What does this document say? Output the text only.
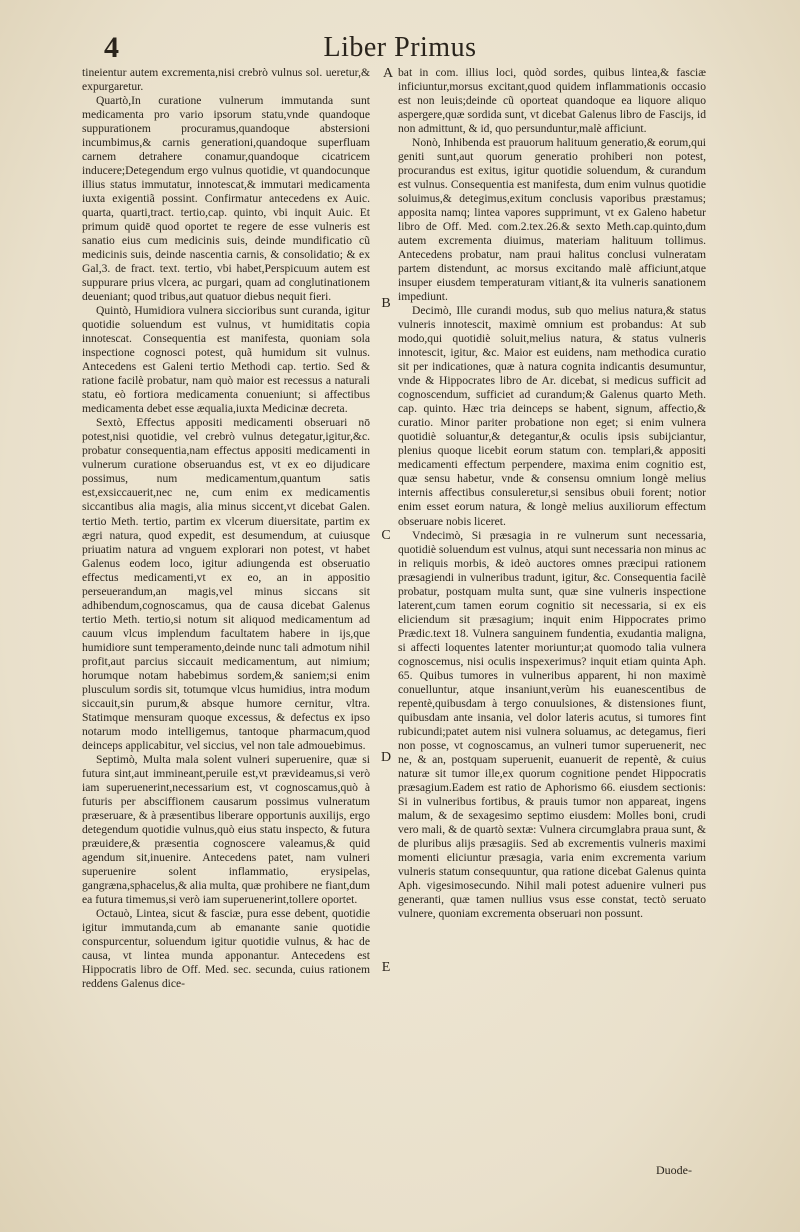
4	Liber Primus

tineientur autem excrementa,nisi crebrò vulnus sol. ueretur,& expurgaretur.

Quartò,In curatione vulnerum immutanda sunt medicamenta pro vario ipsorum statu,vnde quandoque suppurationem procuramus,quandoque abstersioni incumbimus,& carnis generationi,quandoque superfluam carnem detrahere conamur,quandoque cicatricem inducere;Detegendum ergo vulnus quotidie, vt quandocunque illius status immutatur, innotescat,& immutari medicamenta iuxta exigentiã possint. Confirmatur antecedens ex Auic. quarta, quarti,tract. tertio,cap. quinto, vbi inquit Auic. Et primum quidē quod oportet te regere de esse vulneris est sanatio eius cum medicinis suis, deinde mundificatio cũ medicinis suis, deinde nascentia carnis, & consolidatio; & ex Gal,3. de fract. text. tertio, vbi habet,Perspicuum autem est suppurare prius vlcera, ac purgari, quam ad conglutinationem deueniant; quod tribus,aut quatuor diebus nequit fieri.

Quintò, Humidiora vulnera siccioribus sunt curanda, igitur quotidie soluendum est vulnus, vt humiditatis copia innotescat. Consequentia est manifesta, quoniam sola inspectione cognosci potest, quã humidum sit vulnus. Antecedens est Galeni tertio Methodi cap. tertio. Sed & ratione facilè probatur, nam quò maior est recessus a naturali statu, eò fortiora medicamenta conueniunt; si affectibus medicamenta debet esse æqualia,iuxta Medicinæ decreta.

Sextò, Effectus appositi medicamenti obseruari nō potest,nisi quotidie, vel crebrò vulnus detegatur,igitur,&c. probatur consequentia,nam effectus appositi medicamenti in vulnerum curatione obseruandus est, vt ex eo dijudicare possimus, num medicamentum,quantum satis est,exsiccauerit,nec ne, cum enim ex medicamentis siccantibus alia magis, alia minus siccent,vt dicebat Galen. tertio Meth. tertio, partim ex vlcerum diuersitate, partim ex ægri natura, quod expedit, est desumendum, at cuiusque priuatim natura ad vnguem explorari non potest, vt habet Galenus eodem loco, igitur adiungenda est obseruatio effectus medicamenti,vt ex eo, an in appositio perseuerandum,an magis,vel minus siccans sit adhibendum,cognoscamus, qua de causa dicebat Galenus tertio Meth. tertio,si notum sit aliquod medicamentum ad cauum vlcus implendum facultatem habere in ijs,que humidiore sunt temperamento,deinde nunc tali admotum nihil profit,aut parcius siccauit medicamentum, aut nimium; horumque notam habebimus sordem,& saniem;si enim plusculum sordis sit, totumque vlcus humidius, intra modum siccauit,sin purum,& absque humore cernitur, vltra. Statimque mensuram quoque excessus, & defectus ex ipso notarum modo intelligemus, tantoque pharmacum,quod deinceps applicabitur, vel siccius, vel non tale admouebimus.

Septimò, Multa mala solent vulneri superuenire, quæ si futura sint,aut immineant,peruile est,vt prævideamus,si verò iam superuenerint,necessarium est, vt cognoscamus,quò à futuris per absciffionem causarum possimus vulneratum præseruare, & à præsentibus liberare opportunis auxilijs, ergo detegendum quotidie vulnus,quò eius statu inspecto, & futura præuidere,& præsentia cognoscere valeamus,& quid agendum sit,inuenire. Antecedens patet, nam vulneri superuenire solent inflammatio, erysipelas, gangræna,sphacelus,& alia multa, quæ prohibere ne fiant,dum ea futura timemus,si verò iam superuenerint,tollere oportet.

Octauò, Lintea, sicut & fasciæ, pura esse debent, quotidie igitur immutanda,cum ab emanante sanie quotidie conspurcentur, soluendum igitur quotidie vulnus, & hac de causa, vt lintea munda apponantur. Antecedens est Hippocratis libro de Off. Med. sec. secunda, cuius rationem reddens Galenus dice-

A
B
C
D
E

bat in com. illius loci, quòd sordes, quibus lintea,& fasciæ inficiuntur,morsus excitant,quod quidem inflammationis occasio est non leuis;deinde cũ oporteat quandoque ea liquore aliquo aspergere,quæ sordida sunt, vt dicebat Galenus libro de Fascijs, id non admittunt, & id, quo persunduntur,malè afficiunt.

Nonò, Inhibenda est prauorum halituum generatio,& eorum,qui geniti sunt,aut quorum generatio prohiberi non potest, procurandus est exitus, igitur quotidie soluendum, & curandum est vulnus. Consequentia est manifesta, dum enim vulnus quotidie soluimus,& detegimus,exitum conclusis vaporibus præstamus; apposita namq; lintea vapores supprimunt, vt ex Galeno habetur libro de Off. Med. com.2.tex.26.& sexto Meth.cap.quinto,dum autem excrementa diuimus, materiam halituum tollimus. Antecedens probatur, nam praui halitus conclusi vulneratam partem distendunt, ac morsus excitando malè afficiunt,atque insuper eiusdem temperaturam vitiant,& ita vulneris sanationem impediunt.

Decimò, Ille curandi modus, sub quo melius natura,& status vulneris innotescit, maximè omnium est probandus: At sub modo,qui quotidiè soluit,melius natura, & status vulneris innotescit, igitur, &c. Maior est euidens, nam methodica curatio sit per indicationes, quæ à natura cognita indicantis desumuntur, vnde & Hippocrates libro de Ar. dicebat, si medicus sufficit ad cognoscendum, sufficiet ad curandum;& Galenus quarto Meth. cap. quinto. Hæc tria deinceps se habent, signum, affectio,& curatio. Minor pariter probatione non eget; si enim vulnera quotidiè soluantur,& detegantur,& oculis ipsis subijciantur, plenius quoque licebit eorum statum con. templari,& appositi medicamenti effectum perpendere, maxima enim cognitio est, quæ sensu habetur, vnde & consensu omnium longè melius internis affectibus consuleretur,si sensibus obuii forent; notior enim esset eorum natura, & longè melius auxiliorum effectum obseruare nobis liceret.

Vndecimò, Si præsagia in re vulnerum sunt necessaria, quotidiè soluendum est vulnus, atqui sunt necessaria non minus ac in reliquis morbis, & ideò auctores omnes præcipui rationem præsagiendi in vulneribus tradunt, igitur, &c. Consequentia facilè probatur, postquam multa sunt, quæ sine vulneris inspectione laterent,cum tamen eorum cognitio sit necessaria, si ex eis eliciendum sit præsagium; inquit enim Hippocrates primo Prædic.text 18. Vulnera sanguinem fundentia, exudantia maligna, si affecti loquentes latenter moriuntur;at quomodo talia vulnera cognoscemus, nisi oculis inspexerimus? inquit etiam quinta Aph. 65. Quibus tumores in vulneribus apparent, hi non maximè conuelluntur, atque insaniunt,verùm his euanescentibus de repentè,quibusdam à tergo conuulsiones, & distensiones fiunt, quibusdam ante insania, vel dolor lateris acutus, si tumores fint rubicundi;patet autem nisi vulnera soluamus, ac detegamus, fieri non posse, vt cognoscamus, an vulneri tumor superuenerit, nec ne, & an, postquam superuenit, euanuerit de repentè, & cuius naturæ sit tumor ille,ex quorum cognitione pendet Hippocratis præsagium.Eadem est ratio de Aphorismo 66. eiusdem sectionis: Si in vulneribus fortibus, & prauis tumor non appareat, ingens malum, & de sexagesimo septimo eiusdem: Molles boni, crudi vero mali, & de quartò sextæ: Vulnera circumglabra praua sunt, & de pluribus alijs præsagiis. Sed ab excrementis vulneris maximi momenti eliciuntur præsagia, varia enim excrementa varium vulneris statum consequuntur, qua ratione dicebat Galenus quinta Aph. vigesimosecundo. Nihil mali potest aduenire vulneri pus generanti, quæ tamen nullius vsus esse constat, tectò seruato vulnere, quoniam excrementa obseruari non possunt.

Duode-
